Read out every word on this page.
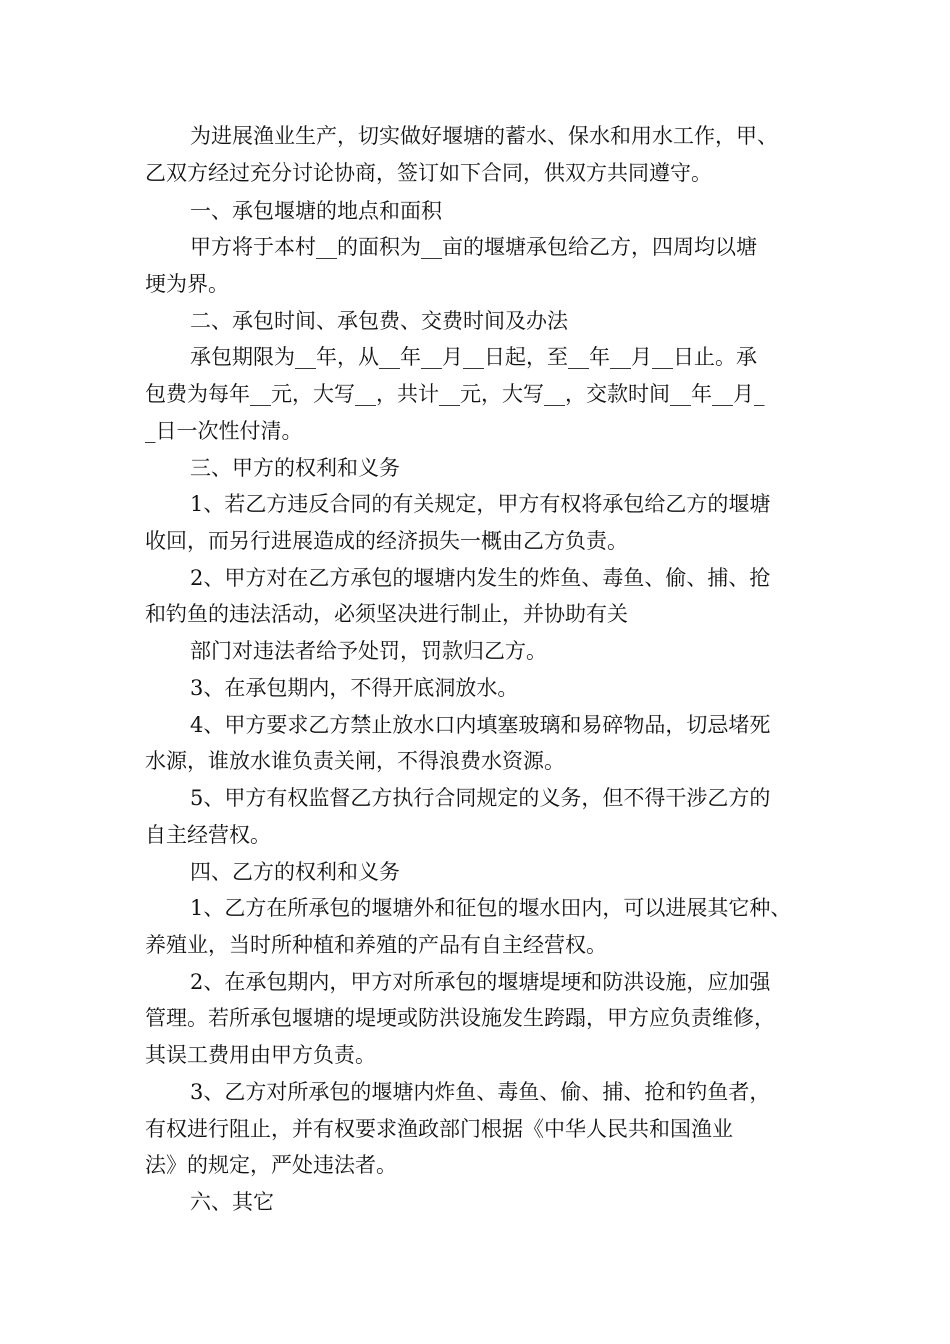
为进展渔业生产，切实做好堰塘的蓄水、保水和用水工作，甲、
乙双方经过充分讨论协商，签订如下合同，供双方共同遵守。
一、承包堰塘的地点和面积
甲方将于本村__的面积为__亩的堰塘承包给乙方，四周均以塘
埂为界。
二、承包时间、承包费、交费时间及办法
承包期限为__年，从__年__月__日起，至__年__月__日止。承
包费为每年__元，大写__，共计__元，大写__，交款时间__年__月_
_日一次性付清。
三、甲方的权利和义务
1、若乙方违反合同的有关规定，甲方有权将承包给乙方的堰塘
收回，而另行进展造成的经济损失一概由乙方负责。
2、甲方对在乙方承包的堰塘内发生的炸鱼、毒鱼、偷、捕、抢
和钓鱼的违法活动，必须坚决进行制止，并协助有关
部门对违法者给予处罚，罚款归乙方。
3、在承包期内，不得开底洞放水。
4、甲方要求乙方禁止放水口内填塞玻璃和易碎物品，切忌堵死
水源，谁放水谁负责关闸，不得浪费水资源。
5、甲方有权监督乙方执行合同规定的义务，但不得干涉乙方的
自主经营权。
四、乙方的权利和义务
1、乙方在所承包的堰塘外和征包的堰水田内，可以进展其它种、
养殖业，当时所种植和养殖的产品有自主经营权。
2、在承包期内，甲方对所承包的堰塘堤埂和防洪设施，应加强
管理。若所承包堰塘的堤埂或防洪设施发生跨蹋，甲方应负责维修，
其误工费用由甲方负责。
3、乙方对所承包的堰塘内炸鱼、毒鱼、偷、捕、抢和钓鱼者，
有权进行阻止，并有权要求渔政部门根据《中华人民共和国渔业
法》的规定，严处违法者。
六、其它
